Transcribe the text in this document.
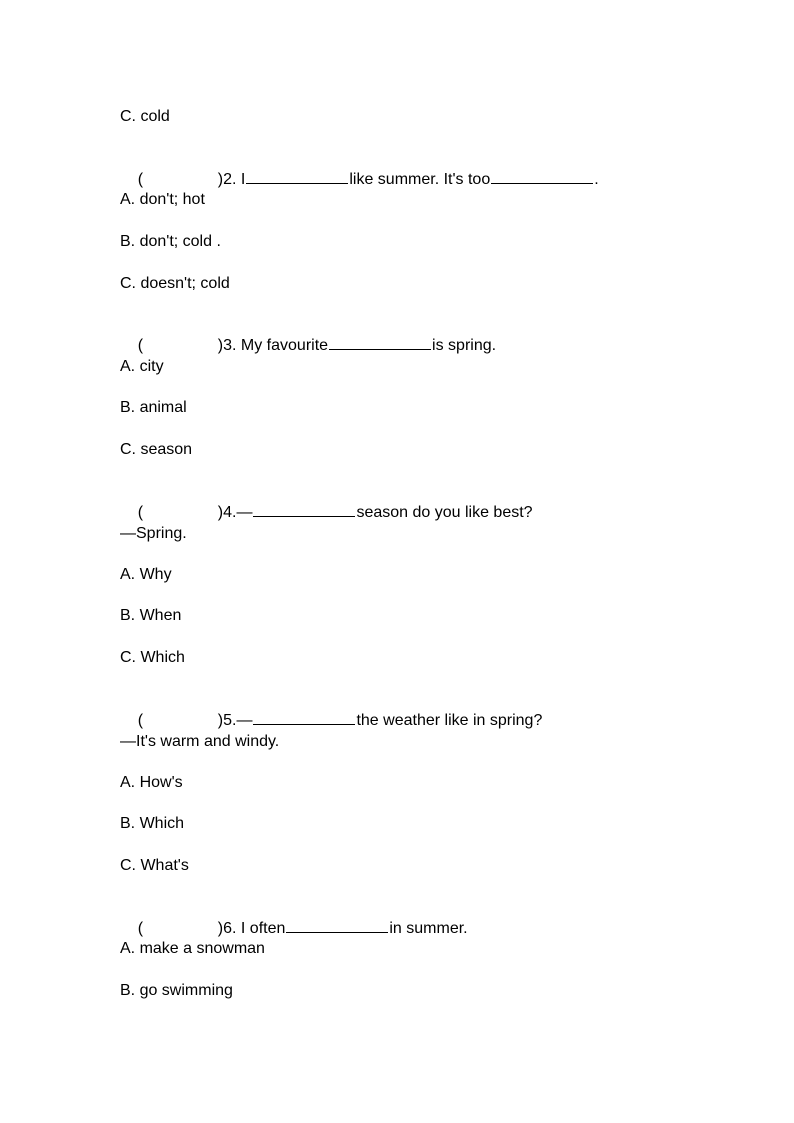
C. cold

(	)2. I	like summer. It's too	.

A. don't; hot
B. don't; cold .
C. doesn't; cold

(	)3. My favourite	is spring.

A. city
B. animal
C. season

(	)4.—	season do you like best?

—Spring.
A. Why
B. When
C. Which

(	)5.—	the weather like in spring?

—It's warm and windy.
A. How's
B. Which
C. What's

(	)6. I often	in summer.

A. make a snowman
B. go swimming
